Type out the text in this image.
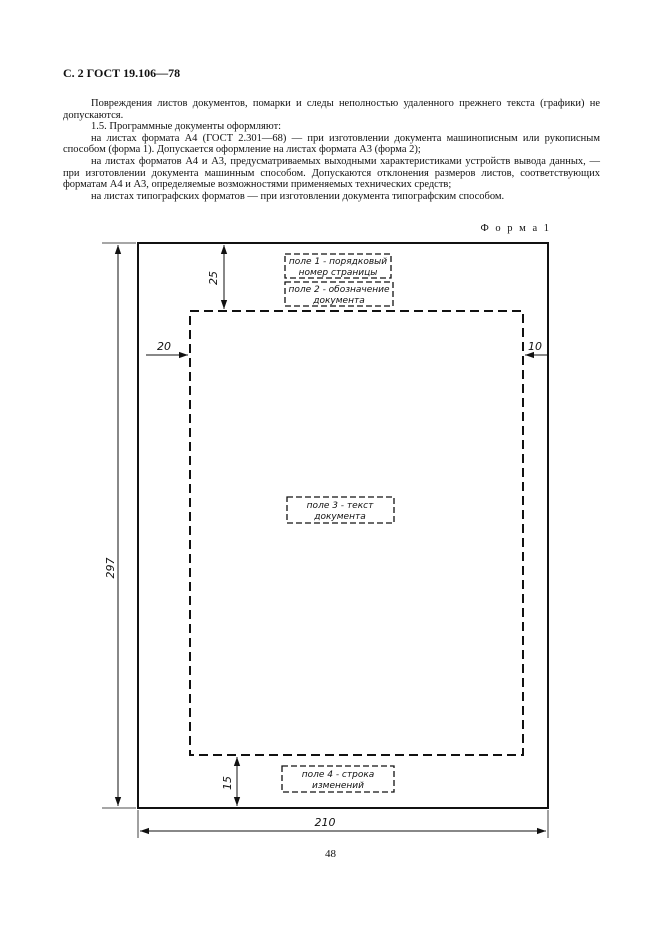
С. 2 ГОСТ 19.106—78

Повреждения листов документов, помарки и следы неполностью удаленного прежнего текста (графики) не допускаются.

1.5. Программные документы оформляют:

на листах формата А4 (ГОСТ 2.301—68) — при изготовлении документа машинописным или рукописным способом (форма 1). Допускается оформление на листах формата А3 (форма 2);

на листах форматов А4 и А3, предусматриваемых выходными характеристиками устройств вывода данных, — при изготовлении документа машинным способом. Допускаются отклонения размеров листов, соответствующих форматам А4 и А3, определяемые возможностями применяемых технических средств;

на листах типографских форматов — при изготовлении документа типографским способом.

Ф о р м а 1
297
210
25
20	10
15
поле 1 - порядковый
номер страницы
поле 2 - обозначение
документа
поле 3 - текст
документа
поле 4 - строка
изменений
48
